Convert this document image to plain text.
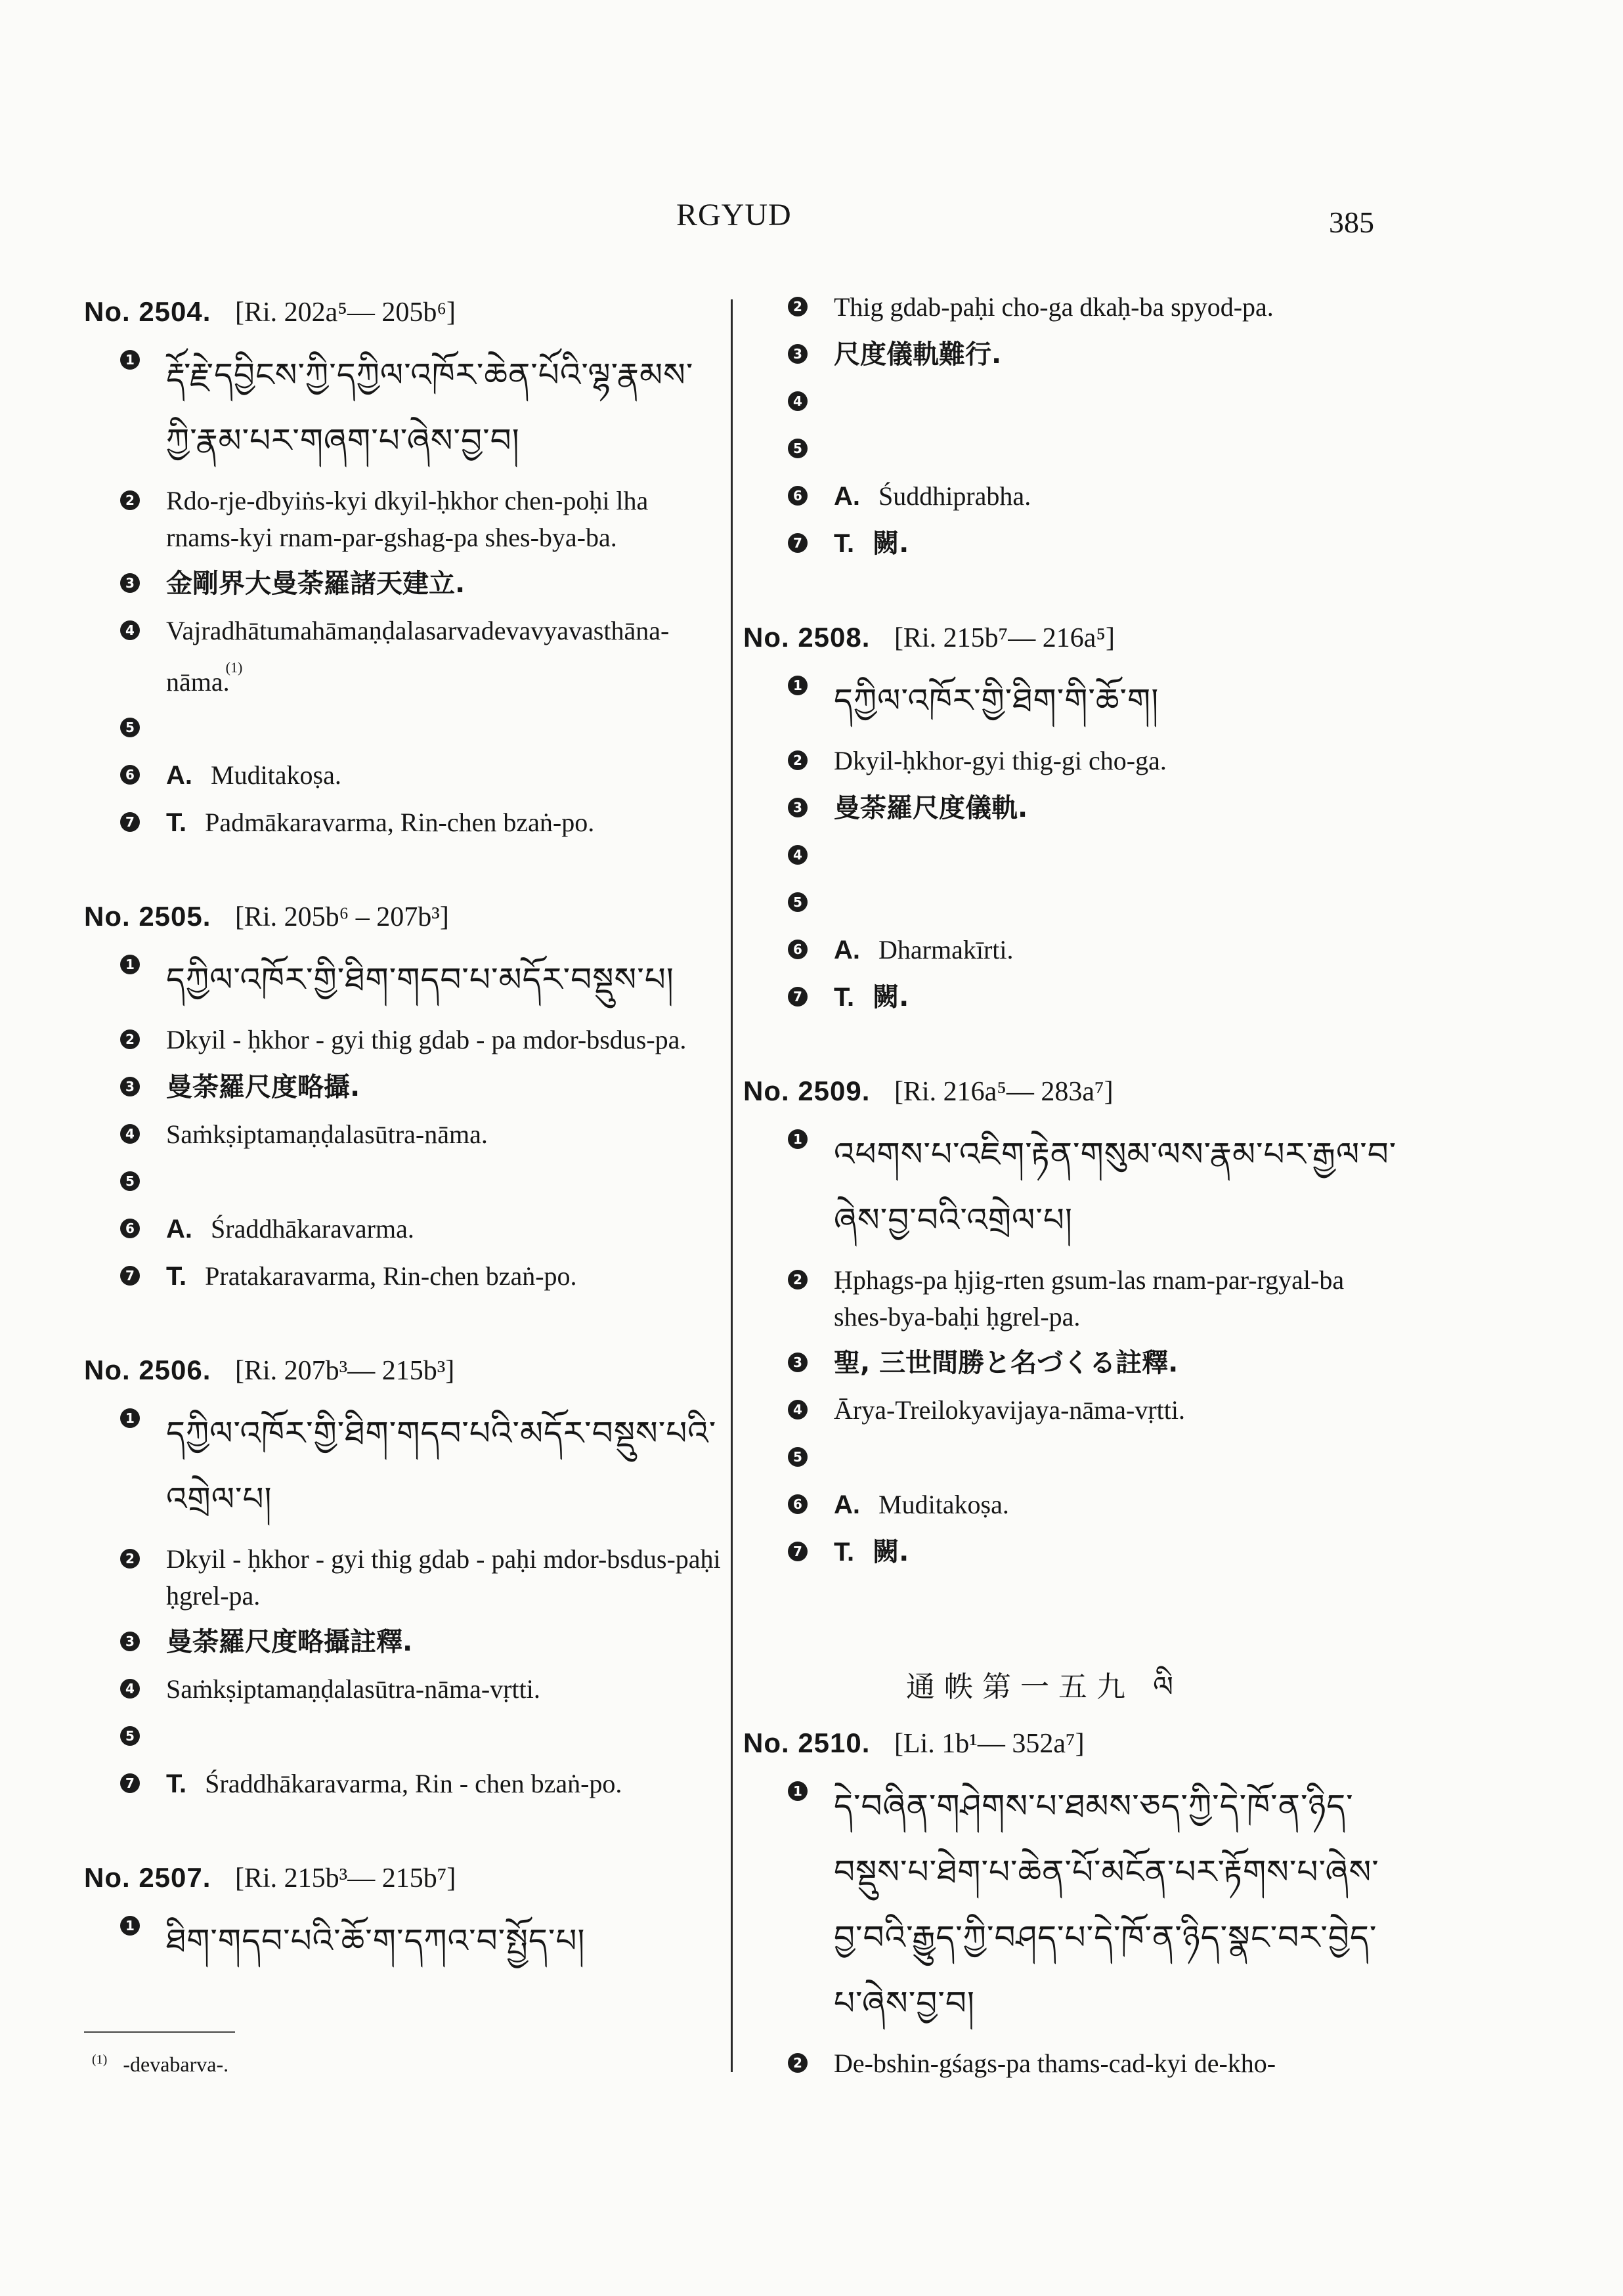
RGYUD	385
No. 2504. [Ri. 202a⁵— 205b⁶]
1 རྡོ་རྗེ་དབྱིངས་ཀྱི་དཀྱིལ་འཁོར་ཆེན་པོའི་ལྷ་རྣམས་ཀྱི་རྣམ་པར་གཞག་པ་ཞེས་བྱ་བ།
2 Rdo-rje-dbyiṅs-kyi dkyil-ḥkhor chen-poḥi lha rnams-kyi rnam-par-gshag-pa shes-bya-ba.
3 金剛界大曼荼羅諸天建立.
4 Vajradhātumahāmaṇḍalasarvadevavyavasthāna-nāma.$^{(1)}$
5
6 A. Muditakoṣa.
7 T. Padmākaravarma, Rin-chen bzaṅ-po.
No. 2505. [Ri. 205b⁶ – 207b³]
1 དཀྱིལ་འཁོར་གྱི་ཐིག་གདབ་པ་མདོར་བསྡུས་པ།
2 Dkyil - ḥkhor - gyi thig gdab - pa mdor-bsdus-pa.
3 曼荼羅尺度略攝.
4 Saṁkṣiptamaṇḍalasūtra-nāma.
5
6 A. Śraddhākaravarma.
7 T. Pratakaravarma, Rin-chen bzaṅ-po.
No. 2506. [Ri. 207b³— 215b³]
1 དཀྱིལ་འཁོར་གྱི་ཐིག་གདབ་པའི་མདོར་བསྡུས་པའི་འགྲེལ་པ།
2 Dkyil - ḥkhor - gyi thig gdab - paḥi mdor-bsdus-paḥi ḥgrel-pa.
3 曼荼羅尺度略攝註釋.
4 Saṁkṣiptamaṇḍalasūtra-nāma-vṛtti.
5
7 T. Śraddhākaravarma, Rin - chen bzaṅ-po.
No. 2507. [Ri. 215b³— 215b⁷]
1 ཐིག་གདབ་པའི་ཆོ་ག་དཀའ་བ་སྤྱོད་པ།
$^{(1)}$ -devabarva-.
2 Thig gdab-paḥi cho-ga dkaḥ-ba spyod-pa.
3 尺度儀軌難行.
4
5
6 A. Śuddhiprabha.
7 T. 闕.
No. 2508. [Ri. 215b⁷— 216a⁵]
1 དཀྱིལ་འཁོར་གྱི་ཐིག་གི་ཆོ་ག།
2 Dkyil-ḥkhor-gyi thig-gi cho-ga.
3 曼荼羅尺度儀軌.
4
5
6 A. Dharmakīrti.
7 T. 闕.
No. 2509. [Ri. 216a⁵— 283a⁷]
1 འཕགས་པ་འཇིག་རྟེན་གསུམ་ལས་རྣམ་པར་རྒྱལ་བ་ཞེས་བྱ་བའི་འགྲེལ་པ།
2 Ḥphags-pa ḥjig-rten gsum-las rnam-par-rgyal-ba shes-bya-baḥi ḥgrel-pa.
3 聖, 三世間勝と名づくる註釋.
4 Ārya-Treilokyavijaya-nāma-vṛtti.
5
6 A. Muditakoṣa.
7 T. 闕.
通帙第一五九 ལི
No. 2510. [Li. 1b¹— 352a⁷]
1 དེ་བཞིན་གཤེགས་པ་ཐམས་ཅད་ཀྱི་དེ་ཁོ་ན་ཉིད་བསྡུས་པ་ཐེག་པ་ཆེན་པོ་མངོན་པར་རྟོགས་པ་ཞེས་བྱ་བའི་རྒྱུད་ཀྱི་བཤད་པ་དེ་ཁོ་ན་ཉིད་སྣང་བར་བྱེད་པ་ཞེས་བྱ་བ།
2 De-bshin-gśags-pa thams-cad-kyi de-kho-
